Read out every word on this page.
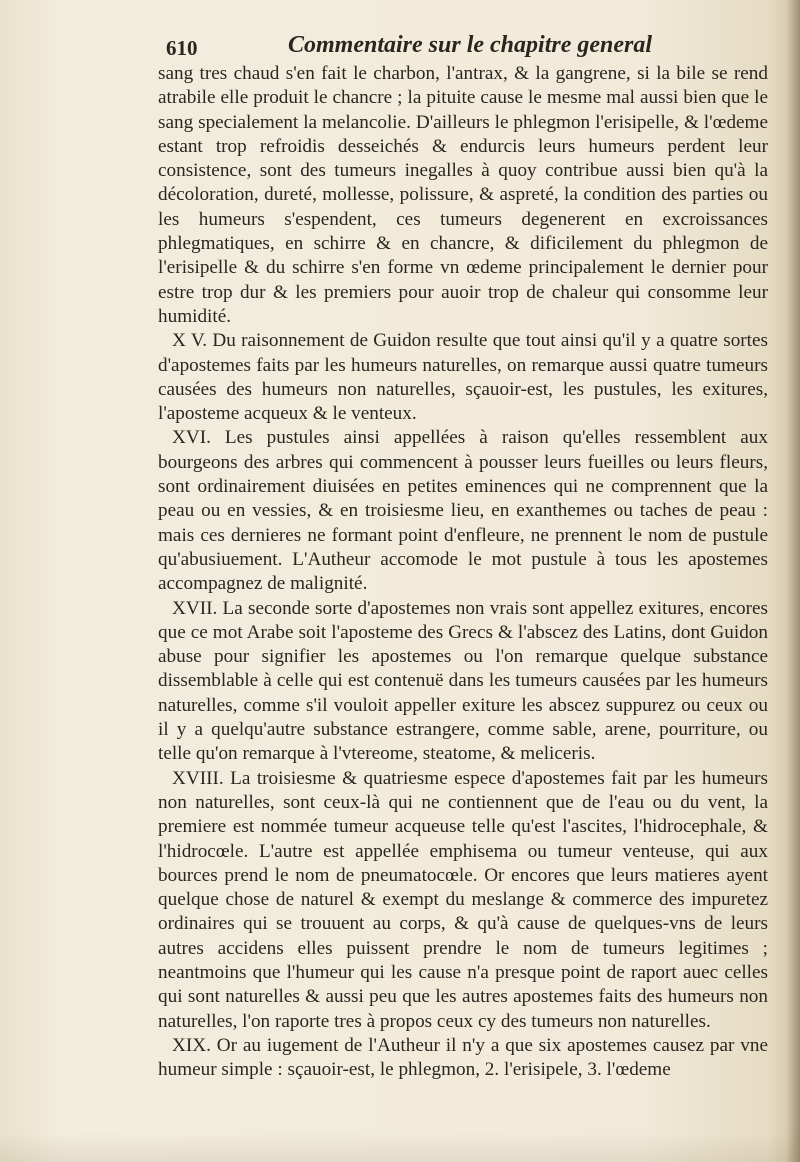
610	Commentaire sur le chapitre general

sang tres chaud s'en fait le charbon, l'antrax, & la gangrene, si la bile se rend atrabile elle produit le chancre ; la pituite cause le mesme mal aussi bien que le sang specialement la melancolie. D'ailleurs le phlegmon l'erisipelle, & l'œdeme estant trop refroidis desseichés & endurcis leurs humeurs perdent leur consistence, sont des tumeurs inegalles à quoy contribue aussi bien qu'à la décoloration, dureté, mollesse, polissure, & aspreté, la condition des parties ou les humeurs s'espendent, ces tumeurs degenerent en excroissances phlegmatiques, en schirre & en chancre, & dificilement du phlegmon de l'erisipelle & du schirre s'en forme vn œdeme principalement le dernier pour estre trop dur & les premiers pour auoir trop de chaleur qui consomme leur humidité.

X V. Du raisonnement de Guidon resulte que tout ainsi qu'il y a quatre sortes d'apostemes faits par les humeurs naturelles, on remarque aussi quatre tumeurs causées des humeurs non naturelles, sçauoir-est, les pustules, les exitures, l'aposteme acqueux & le venteux.

XVI. Les pustules ainsi appellées à raison qu'elles ressemblent aux bourgeons des arbres qui commencent à pousser leurs fueilles ou leurs fleurs, sont ordinairement diuisées en petites eminences qui ne comprennent que la peau ou en vessies, & en troisiesme lieu, en exanthemes ou taches de peau : mais ces dernieres ne formant point d'enfleure, ne prennent le nom de pustule qu'abusiuement. L'Autheur accomode le mot pustule à tous les apostemes accompagnez de malignité.

XVII. La seconde sorte d'apostemes non vrais sont appellez exitures, encores que ce mot Arabe soit l'aposteme des Grecs & l'abscez des Latins, dont Guidon abuse pour signifier les apostemes ou l'on remarque quelque substance dissemblable à celle qui est contenuë dans les tumeurs causées par les humeurs naturelles, comme s'il vouloit appeller exiture les abscez suppurez ou ceux ou il y a quelqu'autre substance estrangere, comme sable, arene, pourriture, ou telle qu'on remarque à l'vtereome, steatome, & meliceris.

XVIII. La troisiesme & quatriesme espece d'apostemes fait par les humeurs non naturelles, sont ceux-là qui ne contiennent que de l'eau ou du vent, la premiere est nommée tumeur acqueuse telle qu'est l'ascites, l'hidrocephale, & l'hidrocœle. L'autre est appellée emphisema ou tumeur venteuse, qui aux bources prend le nom de pneumatocœle. Or encores que leurs matieres ayent quelque chose de naturel & exempt du meslange & commerce des impuretez ordinaires qui se trouuent au corps, & qu'à cause de quelques-vns de leurs autres accidens elles puissent prendre le nom de tumeurs legitimes ; neantmoins que l'humeur qui les cause n'a presque point de raport auec celles qui sont naturelles & aussi peu que les autres apostemes faits des humeurs non naturelles, l'on raporte tres à propos ceux cy des tumeurs non naturelles.

XIX. Or au iugement de l'Autheur il n'y a que six apostemes causez par vne humeur simple : sçauoir-est, le phlegmon, 2. l'erisipele, 3. l'œdeme
